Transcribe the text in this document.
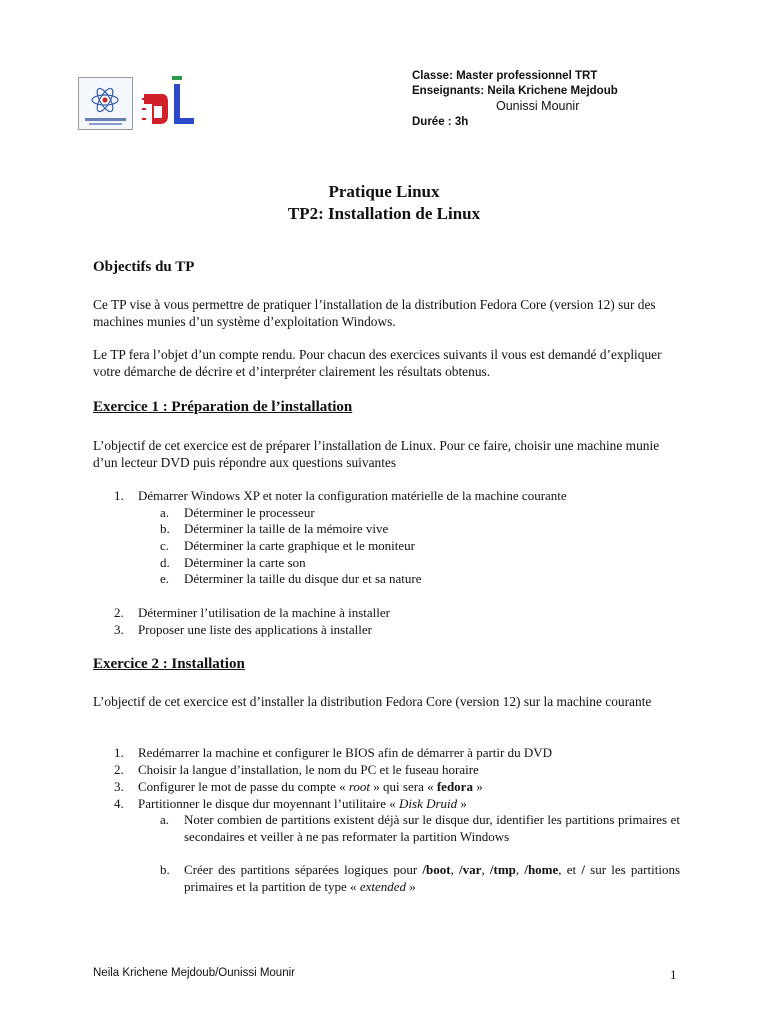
Classe: Master professionnel TRT
Enseignants: Neila Krichene Mejdoub
Ounissi Mounir
Durée : 3h
Pratique Linux
TP2: Installation de Linux
Objectifs du TP
Ce TP vise à vous permettre de pratiquer l’installation de la distribution Fedora Core (version 12) sur des machines munies d’un système d’exploitation Windows.
Le TP fera l’objet d’un compte rendu. Pour chacun des exercices suivants il vous est demandé d’expliquer votre démarche de décrire et d’interpréter clairement les résultats obtenus.
Exercice 1 : Préparation de l’installation
L’objectif de cet exercice est de préparer l’installation de Linux. Pour ce faire, choisir une machine munie d’un lecteur DVD puis répondre aux questions suivantes
1. Démarrer Windows XP et noter la configuration matérielle de la machine courante
a. Déterminer le processeur
b. Déterminer la taille de la mémoire vive
c. Déterminer la carte graphique et le moniteur
d. Déterminer la carte son
e. Déterminer la taille du disque dur et sa nature
2. Déterminer l’utilisation de la machine à installer
3. Proposer une liste des applications à installer
Exercice 2 : Installation
L’objectif de cet exercice est d’installer la distribution Fedora Core (version 12) sur la machine courante
1. Redémarrer la machine et configurer le BIOS afin de démarrer à partir du DVD
2. Choisir la langue d’installation, le nom du PC et le fuseau horaire
3. Configurer le mot de passe du compte « root » qui sera « fedora »
4. Partitionner le disque dur moyennant l’utilitaire « Disk Druid »
a. Noter combien de partitions existent déjà sur le disque dur, identifier les partitions primaires et secondaires et veiller à ne pas reformater la partition Windows
b. Créer des partitions séparées logiques pour /boot, /var, /tmp, /home, et / sur les partitions primaires et la partition de type « extended »
Neila Krichene Mejdoub/Ounissi Mounir	1
